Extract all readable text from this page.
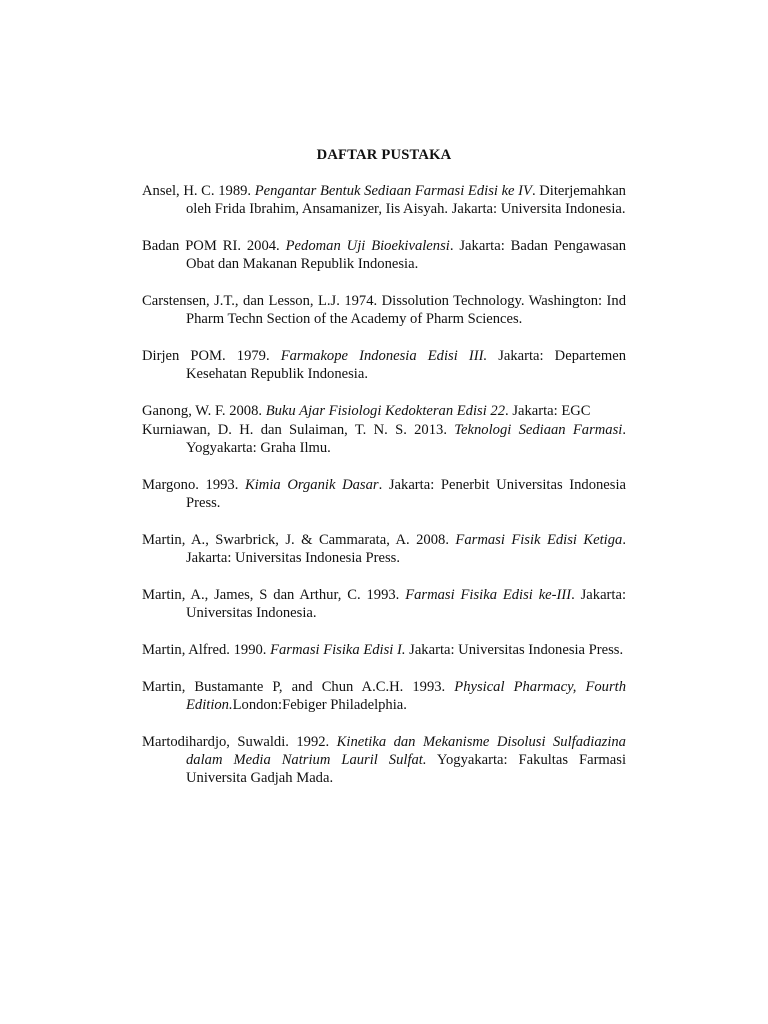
DAFTAR PUSTAKA
Ansel, H. C. 1989. Pengantar Bentuk Sediaan Farmasi Edisi ke IV. Diterjemahkan oleh Frida Ibrahim, Ansamanizer, Iis Aisyah. Jakarta: Universita Indonesia.
Badan POM RI. 2004. Pedoman Uji Bioekivalensi. Jakarta: Badan Pengawasan Obat dan Makanan Republik Indonesia.
Carstensen, J.T., dan Lesson, L.J. 1974. Dissolution Technology. Washington: Ind Pharm Techn Section of the Academy of Pharm Sciences.
Dirjen POM. 1979. Farmakope Indonesia Edisi III. Jakarta: Departemen Kesehatan Republik Indonesia.
Ganong, W. F. 2008. Buku Ajar Fisiologi Kedokteran Edisi 22. Jakarta: EGC
Kurniawan, D. H. dan Sulaiman, T. N. S. 2013. Teknologi Sediaan Farmasi. Yogyakarta: Graha Ilmu.
Margono. 1993. Kimia Organik Dasar. Jakarta: Penerbit Universitas Indonesia Press.
Martin, A., Swarbrick, J. & Cammarata, A. 2008. Farmasi Fisik Edisi Ketiga. Jakarta: Universitas Indonesia Press.
Martin, A., James, S dan Arthur, C. 1993. Farmasi Fisika Edisi ke-III. Jakarta: Universitas Indonesia.
Martin, Alfred. 1990. Farmasi Fisika Edisi I. Jakarta: Universitas Indonesia Press.
Martin, Bustamante P, and Chun A.C.H. 1993. Physical Pharmacy, Fourth Edition.London:Febiger Philadelphia.
Martodihardjo, Suwaldi. 1992. Kinetika dan Mekanisme Disolusi Sulfadiazina dalam Media Natrium Lauril Sulfat. Yogyakarta: Fakultas Farmasi Universita Gadjah Mada.
